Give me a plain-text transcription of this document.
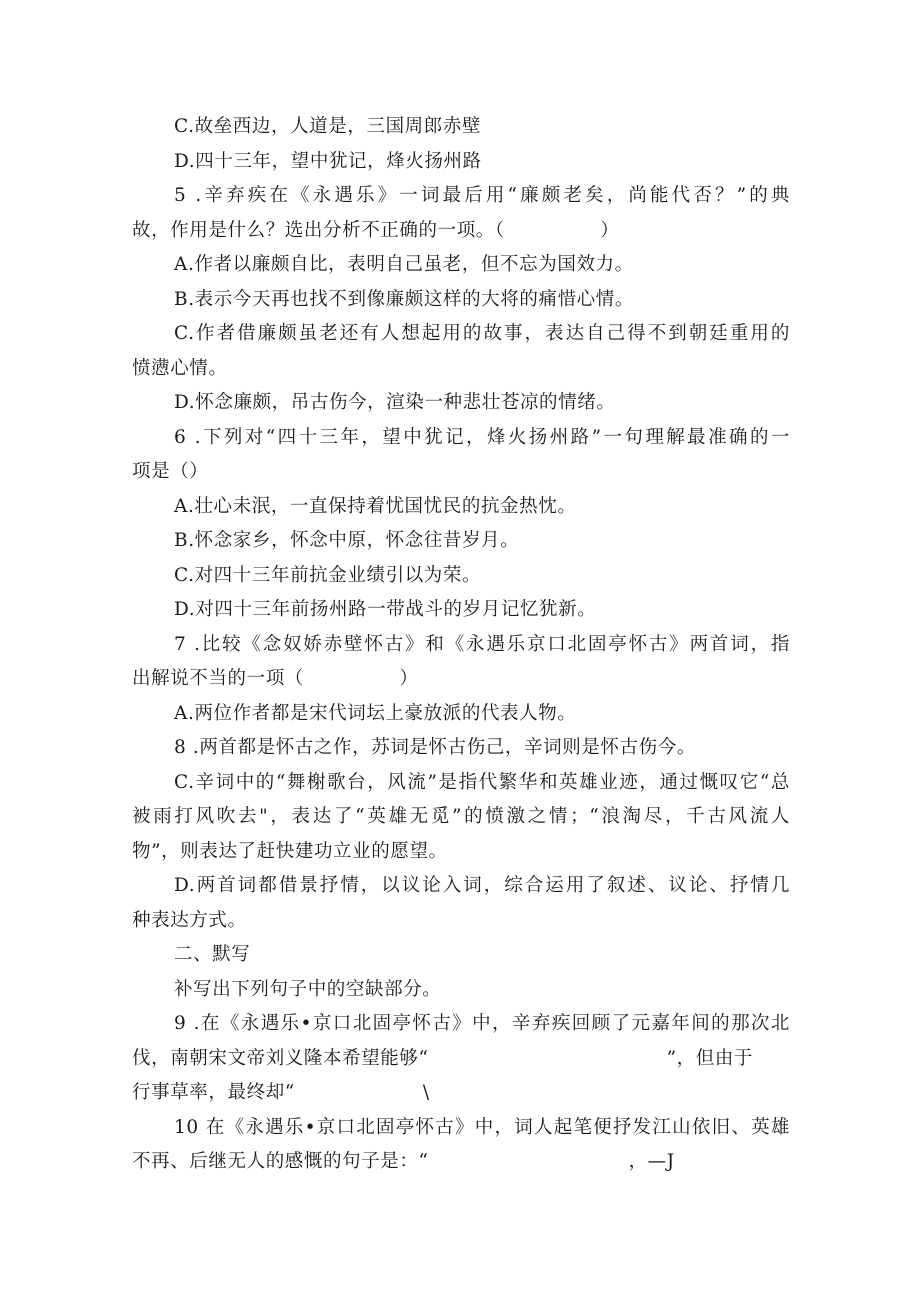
C.故垒西边，人道是，三国周郎赤壁
D.四十三年，望中犹记，烽火扬州路
5 .辛弃疾在《永遇乐》一词最后用“廉颇老矣，尚能代否？”的典
故，作用是什么？选出分析不正确的一项。（　　　　　）
A.作者以廉颇自比，表明自己虽老，但不忘为国效力。
B.表示今天再也找不到像廉颇这样的大将的痛惜心情。
C.作者借廉颇虽老还有人想起用的故事，表达自己得不到朝廷重用的
愤懑心情。
D.怀念廉颇，吊古伤今，渲染一种悲壮苍凉的情绪。
6 .下列对“四十三年，望中犹记，烽火扬州路”一句理解最准确的一
项是（）
A.壮心未泯，一直保持着忧国忧民的抗金热忱。
B.怀念家乡，怀念中原，怀念往昔岁月。
C.对四十三年前抗金业绩引以为荣。
D.对四十三年前扬州路一带战斗的岁月记忆犹新。
7 .比较《念奴娇赤壁怀古》和《永遇乐京口北固亭怀古》两首词，指
出解说不当的一项（　　　　　）
A.两位作者都是宋代词坛上豪放派的代表人物。
8 .两首都是怀古之作，苏词是怀古伤己，辛词则是怀古伤今。
C.辛词中的“舞榭歌台，风流”是指代繁华和英雄业迹，通过慨叹它“总
被雨打风吹去"，表达了“英雄无觅”的愤激之情；“浪淘尽，千古风流人
物”，则表达了赶快建功立业的愿望。
D.两首词都借景抒情，以议论入词，综合运用了叙述、议论、抒情几
种表达方式。
二、默写
补写出下列句子中的空缺部分。
9 .在《永遇乐•京口北固亭怀古》中，辛弃疾回顾了元嘉年间的那次北
伐，南朝宋文帝刘义隆本希望能够“	”，但由于
行事草率，最终却“	\
10 在《永遇乐•京口北固亭怀古》中，词人起笔便抒发江山依旧、英雄
不再、后继无人的感慨的句子是：“	，—J
